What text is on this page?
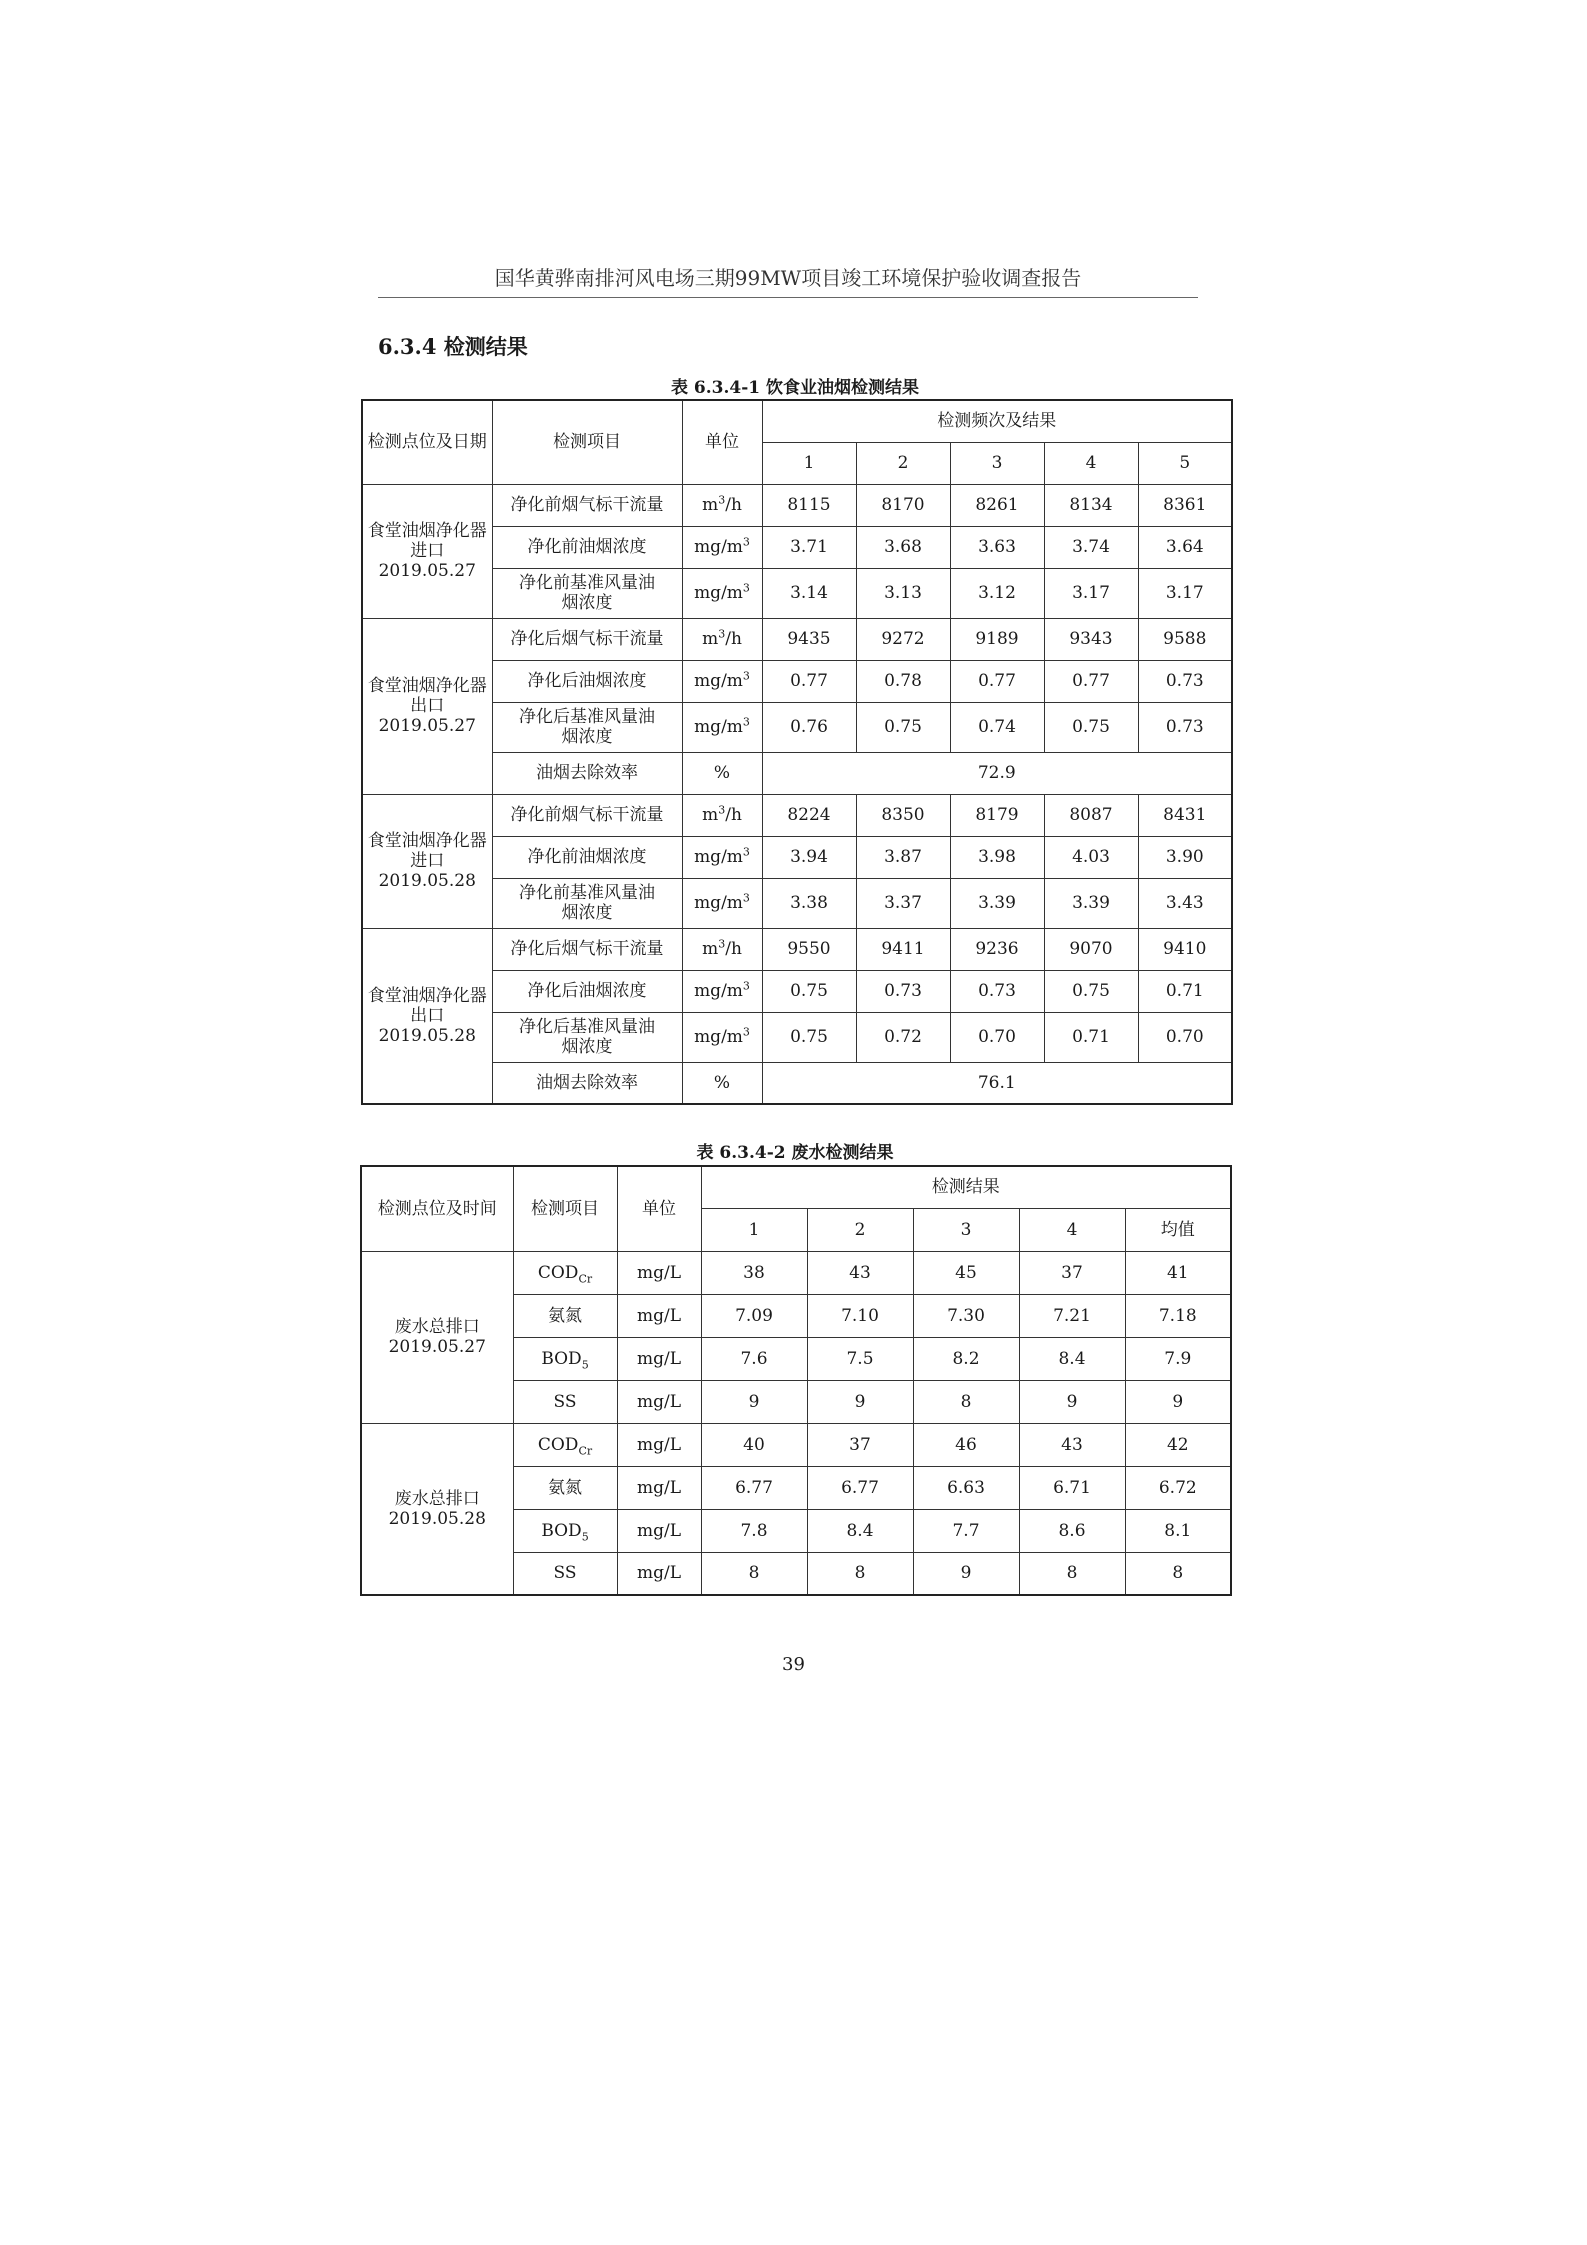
国华黄骅南排河风电场三期99MW项目竣工环境保护验收调查报告
6.3.4 检测结果
表 6.3.4-1 饮食业油烟检测结果
检测点位及日期	检测项目	单位	检测频次及结果				
			1	2	3	4	5
食堂油烟净化器进口2019.05.27	净化前烟气标干流量	$m^3/h$	8115	8170	8261	8134	8361
	净化前油烟浓度	$mg/m^3$	3.71	3.68	3.63	3.74	3.64
	净化前基准风量油烟浓度	$mg/m^3$	3.14	3.13	3.12	3.17	3.17
食堂油烟净化器出口2019.05.27	净化后烟气标干流量	$m^3/h$	9435	9272	9189	9343	9588
	净化后油烟浓度	$mg/m^3$	0.77	0.78	0.77	0.77	0.73
	净化后基准风量油烟浓度	$mg/m^3$	0.76	0.75	0.74	0.75	0.73
	油烟去除效率	%	72.9				
食堂油烟净化器进口2019.05.28	净化前烟气标干流量	$m^3/h$	8224	8350	8179	8087	8431
	净化前油烟浓度	$mg/m^3$	3.94	3.87	3.98	4.03	3.90
	净化前基准风量油烟浓度	$mg/m^3$	3.38	3.37	3.39	3.39	3.43
食堂油烟净化器出口2019.05.28	净化后烟气标干流量	$m^3/h$	9550	9411	9236	9070	9410
	净化后油烟浓度	$mg/m^3$	0.75	0.73	0.73	0.75	0.71
	净化后基准风量油烟浓度	$mg/m^3$	0.75	0.72	0.70	0.71	0.70
	油烟去除效率	%	76.1				
表 6.3.4-2 废水检测结果
检测点位及时间	检测项目	单位	检测结果				
			1	2	3	4	均值
废水总排口2019.05.27	$COD_{Cr}$	mg/L	38	43	45	37	41
	氨氮	mg/L	7.09	7.10	7.30	7.21	7.18
	$BOD_5$	mg/L	7.6	7.5	8.2	8.4	7.9
	SS	mg/L	9	9	8	9	9
废水总排口2019.05.28	$COD_{Cr}$	mg/L	40	37	46	43	42
	氨氮	mg/L	6.77	6.77	6.63	6.71	6.72
	$BOD_5$	mg/L	7.8	8.4	7.7	8.6	8.1
	SS	mg/L	8	8	9	8	8
39
